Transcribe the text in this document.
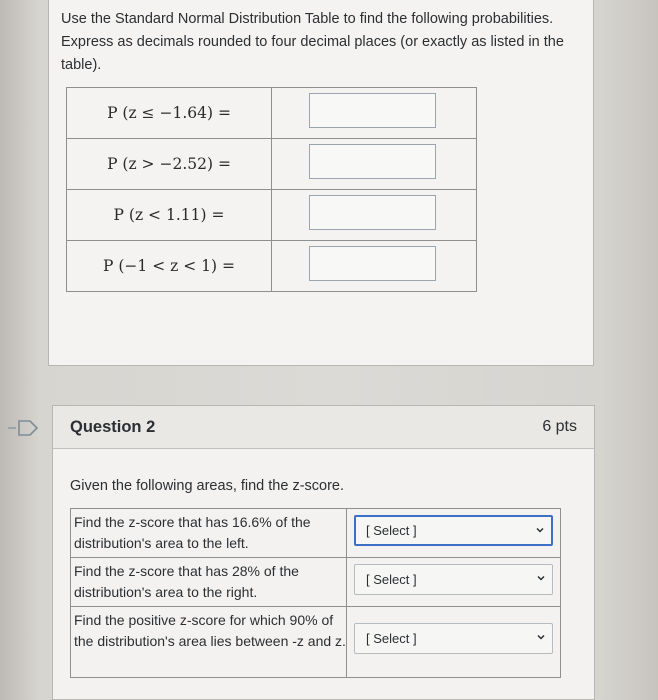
Use the Standard Normal Distribution Table to find the following probabilities. Express as decimals rounded to four decimal places (or exactly as listed in the table).

P (z ≤ −1.64) =	

P (z > −2.52) =	

P (z < 1.11) =	

P (−1 < z < 1) =	
Question 2	6 pts
Given the following areas, find the z-score.
Find the z-score that has 16.6% of the distribution's area to the left.	[ Select ]

Find the z-score that has 28% of the distribution's area to the right.	[ Select ]

Find the positive z-score for which 90% of the distribution's area lies between -z and z.	[ Select ]
